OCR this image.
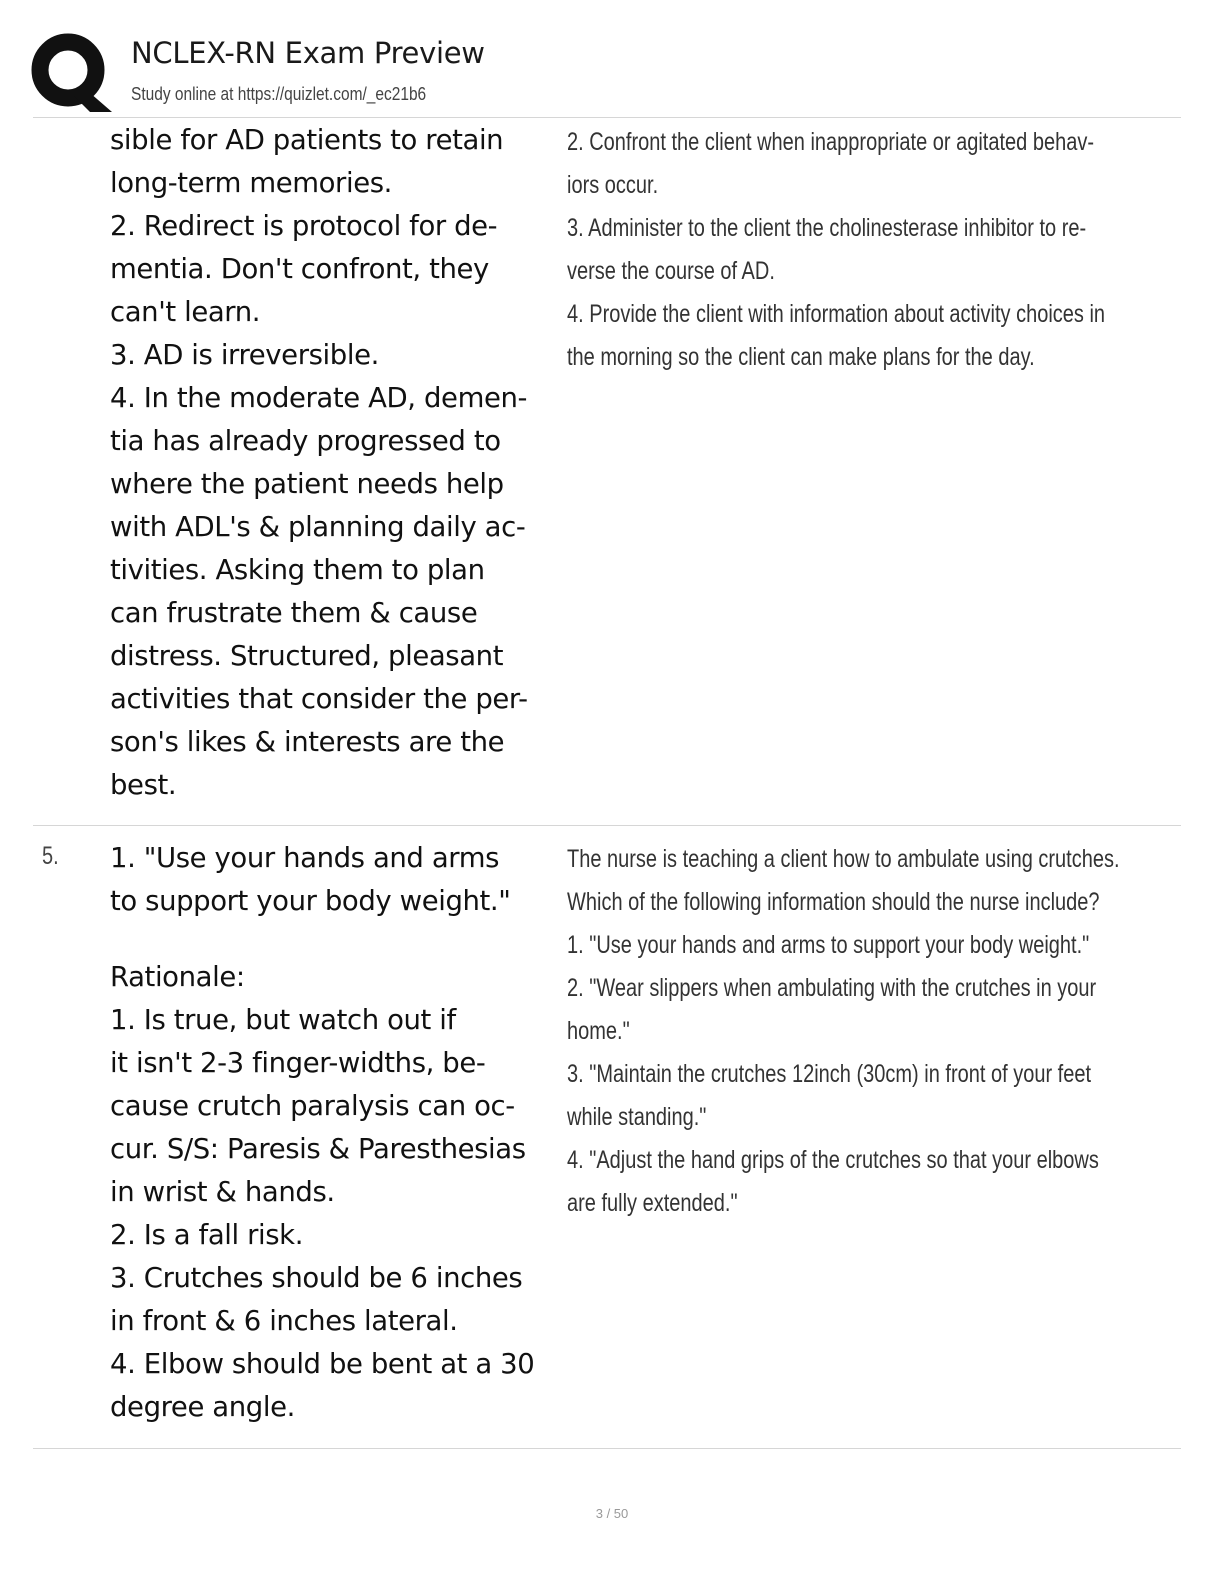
NCLEX-RN Exam Preview
Study online at https://quizlet.com/_ec21b6
sible for AD patients to retain
long-term memories.
2. Redirect is protocol for de-
mentia. Don't confront, they
can't learn.
3. AD is irreversible.
4. In the moderate AD, demen-
tia has already progressed to
where the patient needs help
with ADL's & planning daily ac-
tivities. Asking them to plan
can frustrate them & cause
distress. Structured, pleasant
activities that consider the per-
son's likes & interests are the
best.
2. Confront the client when inappropriate or agitated behav-
iors occur.
3. Administer to the client the cholinesterase inhibitor to re-
verse the course of AD.
4. Provide the client with information about activity choices in
the morning so the client can make plans for the day.
5. 1. "Use your hands and arms
to support your body weight."
Rationale:
1. Is true, but watch out if
it isn't 2-3 finger-widths, be-
cause crutch paralysis can oc-
cur. S/S: Paresis & Paresthesias
in wrist & hands.
2. Is a fall risk.
3. Crutches should be 6 inches
in front & 6 inches lateral.
4. Elbow should be bent at a 30
degree angle.
The nurse is teaching a client how to ambulate using crutches.
Which of the following information should the nurse include?
1. "Use your hands and arms to support your body weight."
2. "Wear slippers when ambulating with the crutches in your
home."
3. "Maintain the crutches 12inch (30cm) in front of your feet
while standing."
4. "Adjust the hand grips of the crutches so that your elbows
are fully extended."
3 / 50
